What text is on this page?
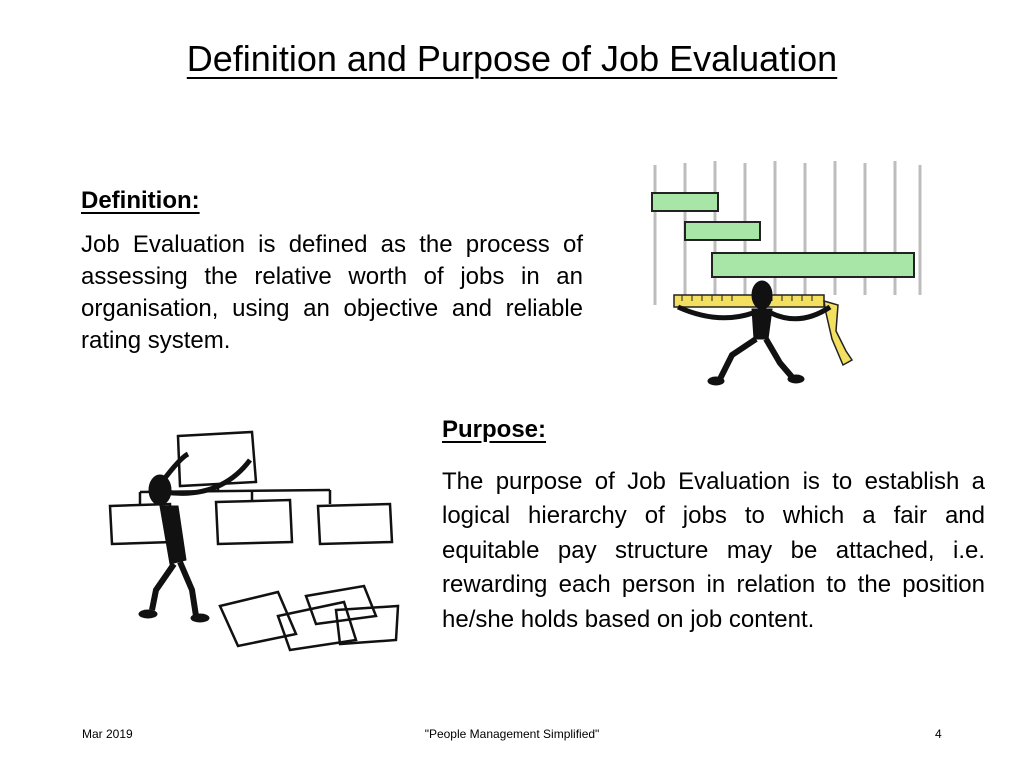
Definition and Purpose of Job Evaluation
Definition:
Job Evaluation is defined as the process of assessing the relative worth of jobs in an organisation, using an objective and reliable rating system.
Purpose:
The purpose of Job Evaluation is to establish a logical hierarchy of jobs to which a fair and equitable pay structure may be attached, i.e. rewarding each person in relation to the position he/she holds based on job content.
Mar 2019	"People Management Simplified"	4
